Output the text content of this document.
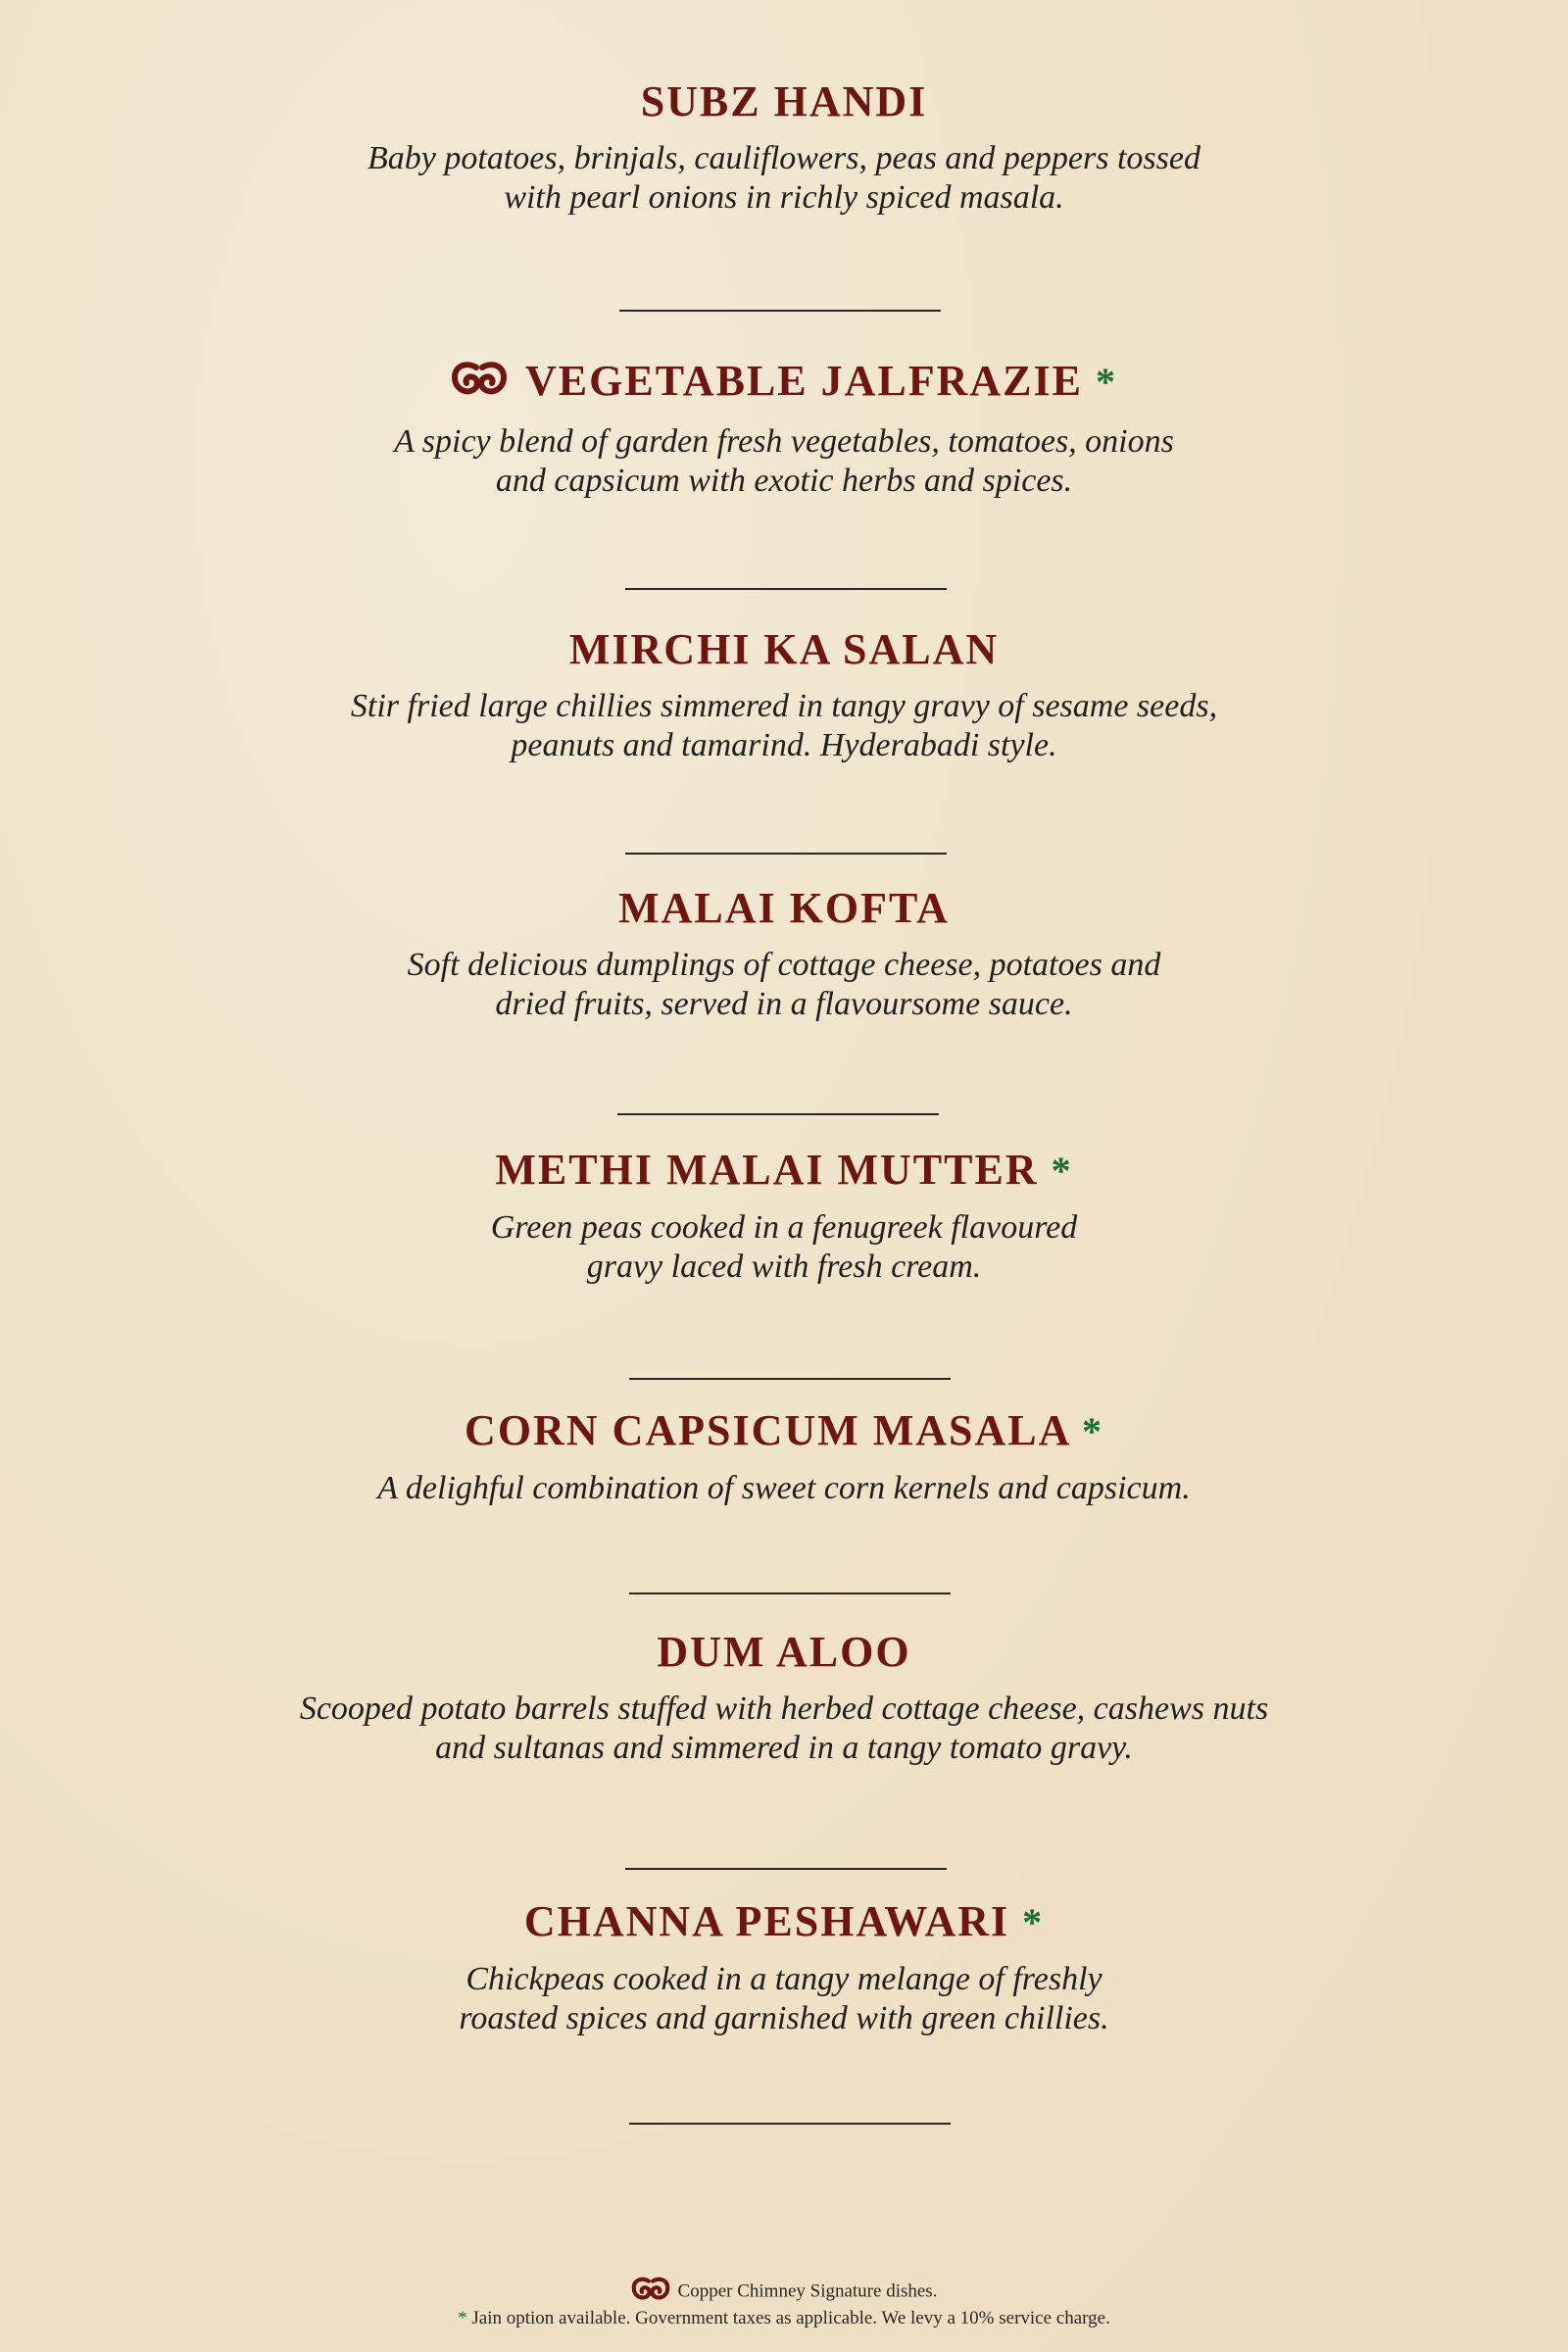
SUBZ HANDI

Baby potatoes, brinjals, cauliflowers, peas and peppers tossed
with pearl onions in richly spiced masala.

VEGETABLE JALFRAZIE *

A spicy blend of garden fresh vegetables, tomatoes, onions
and capsicum with exotic herbs and spices.

MIRCHI KA SALAN

Stir fried large chillies simmered in tangy gravy of sesame seeds,
peanuts and tamarind. Hyderabadi style.

MALAI KOFTA

Soft delicious dumplings of cottage cheese, potatoes and
dried fruits, served in a flavoursome sauce.

METHI MALAI MUTTER *

Green peas cooked in a fenugreek flavoured
gravy laced with fresh cream.

CORN CAPSICUM MASALA *

A delighful combination of sweet corn kernels and capsicum.

DUM ALOO

Scooped potato barrels stuffed with herbed cottage cheese, cashews nuts
and sultanas and simmered in a tangy tomato gravy.

CHANNA PESHAWARI *

Chickpeas cooked in a tangy melange of freshly
roasted spices and garnished with green chillies.

Copper Chimney Signature dishes.
* Jain option available. Government taxes as applicable. We levy a 10% service charge.
